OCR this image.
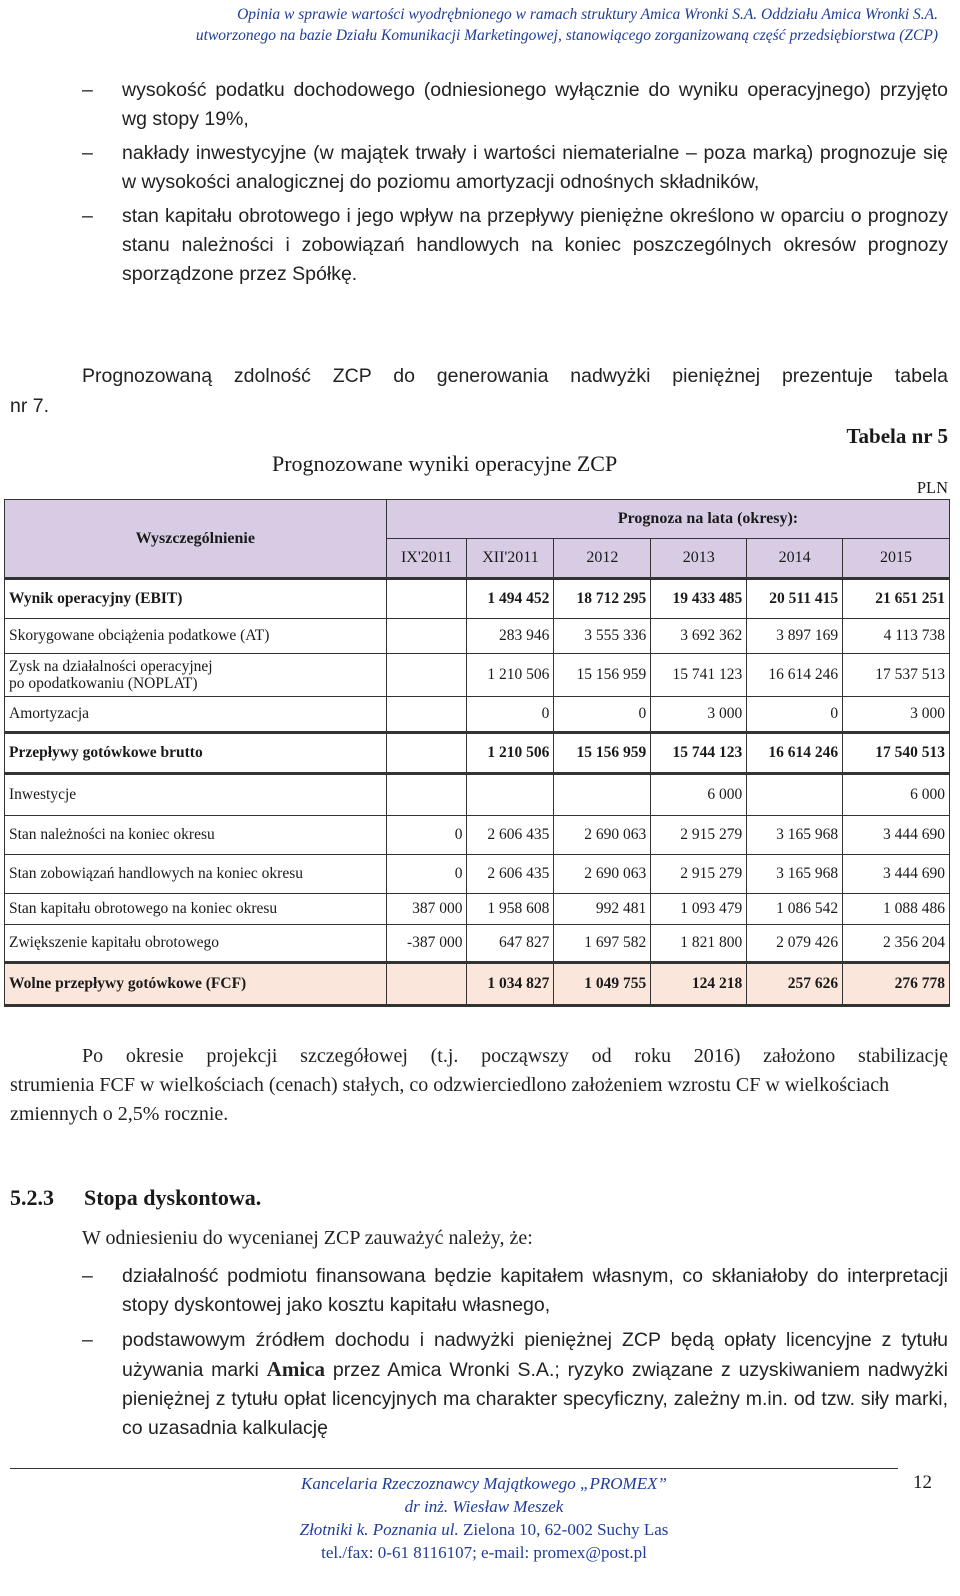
Opinia w sprawie wartości wyodrębnionego w ramach struktury Amica Wronki S.A. Oddziału Amica Wronki S.A.
utworzonego na bazie Działu Komunikacji Marketingowej, stanowiącego zorganizowaną część przedsiębiorstwa (ZCP)
– wysokość podatku dochodowego (odniesionego wyłącznie do wyniku operacyjnego) przyjęto wg stopy 19%,
– nakłady inwestycyjne (w majątek trwały i wartości niematerialne – poza marką) prognozuje się w wysokości analogicznej do poziomu amortyzacji odnośnych składników,
– stan kapitału obrotowego i jego wpływ na przepływy pieniężne określono w oparciu o prognozy stanu należności i zobowiązań handlowych na koniec poszczególnych okresów prognozy sporządzone przez Spółkę.
Prognozowaną zdolność ZCP do generowania nadwyżki pieniężnej prezentuje tabela
nr 7.
Tabela nr 5
Prognozowane wyniki operacyjne ZCP
PLN
Wyszczególnienie		Prognoza na lata (okresy):				
	IX'2011	XII'2011	2012	2013	2014	2015
Wynik operacyjny (EBIT)		1 494 452	18 712 295	19 433 485	20 511 415	21 651 251
Skorygowane obciążenia podatkowe (AT)		283 946	3 555 336	3 692 362	3 897 169	4 113 738

Zysk na działalności operacyjnej
po opodatkowaniu (NOPLAT)		1 210 506	15 156 959	15 741 123	16 614 246	17 537 513
Amortyzacja		0	0	3 000	0	3 000
Przepływy gotówkowe brutto		1 210 506	15 156 959	15 744 123	16 614 246	17 540 513
Inwestycje				6 000		6 000
Stan należności na koniec okresu	0	2 606 435	2 690 063	2 915 279	3 165 968	3 444 690
Stan zobowiązań handlowych na koniec okresu	0	2 606 435	2 690 063	2 915 279	3 165 968	3 444 690
Stan kapitału obrotowego na koniec okresu	387 000	1 958 608	992 481	1 093 479	1 086 542	1 088 486
Zwiększenie kapitału obrotowego	-387 000	647 827	1 697 582	1 821 800	2 079 426	2 356 204
Wolne przepływy gotówkowe (FCF)		1 034 827	1 049 755	124 218	257 626	276 778
Po okresie projekcji szczegółowej (t.j. począwszy od roku 2016) założono stabilizację
strumienia FCF w wielkościach (cenach) stałych, co odzwierciedlono założeniem wzrostu CF w wielkościach zmiennych o 2,5% rocznie.
5.2.3 Stopa dyskontowa.
W odniesieniu do wycenianej ZCP zauważyć należy, że:
– działalność podmiotu finansowana będzie kapitałem własnym, co skłaniałoby do interpretacji stopy dyskontowej jako kosztu kapitału własnego,
– podstawowym źródłem dochodu i nadwyżki pieniężnej ZCP będą opłaty licencyjne z tytułu używania marki Amica przez Amica Wronki S.A.; ryzyko związane z uzyskiwaniem nadwyżki pieniężnej z tytułu opłat licencyjnych ma charakter specyficzny, zależny m.in. od tzw. siły marki, co uzasadnia kalkulację
Kancelaria Rzeczoznawcy Majątkowego „PROMEX”
dr inż. Wiesław Meszek
Złotniki k. Poznania ul. Zielona 10, 62-002 Suchy Las
tel./fax: 0-61 8116107; e-mail: promex@post.pl
12
